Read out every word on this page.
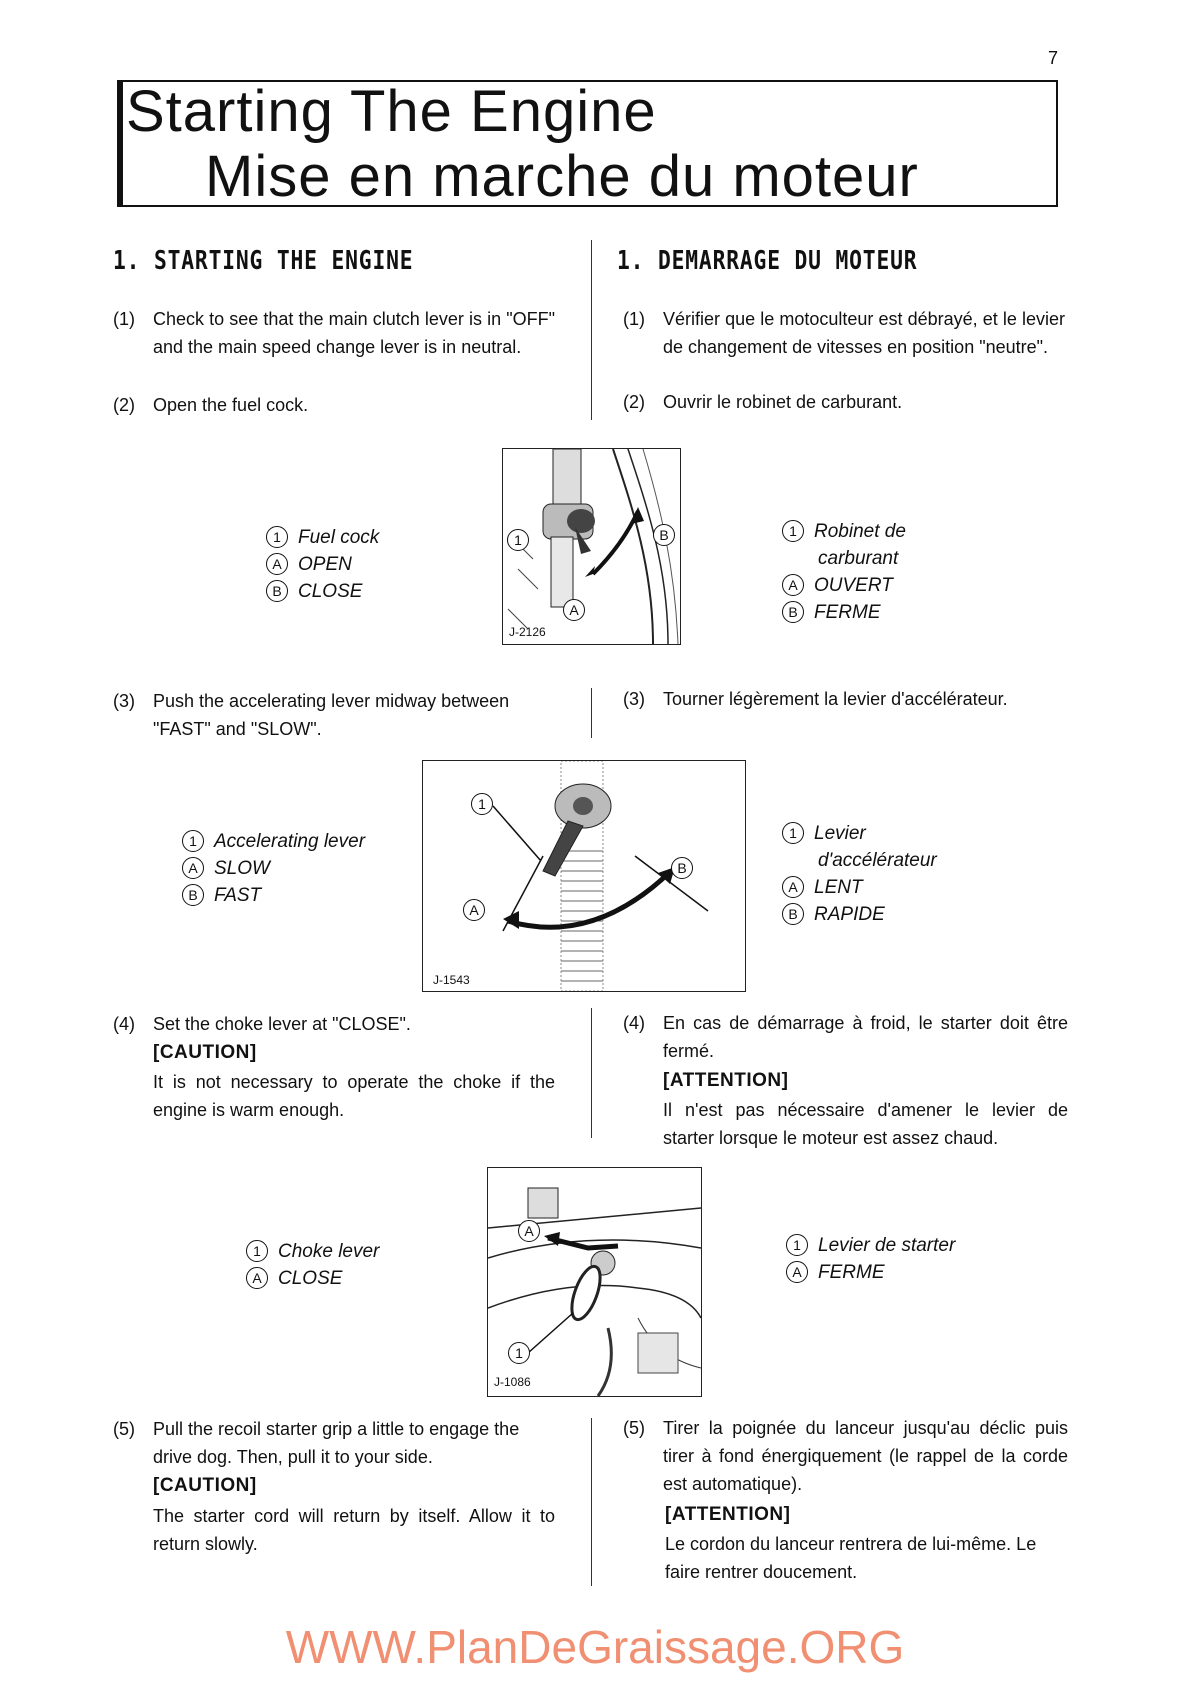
7
Starting The Engine
Mise en marche du moteur
1. STARTING THE ENGINE	1. DEMARRAGE DU MOTEUR
(1) Check to see that the main clutch lever is in "OFF" and the main speed change lever is in neutral.
(2) Open the fuel cock.
(1) Vérifier que le motoculteur est débrayé, et le levier de changement de vitesses en position "neutre".
(2) Ouvrir le robinet de carburant.
1 Fuel cock
A OPEN
B CLOSE
J-2126
1	B
A
1 Robinet de
carburant
A OUVERT
B FERME
(3) Push the accelerating lever midway between "FAST" and "SLOW".
(3) Tourner légèrement la levier d'accélérateur.
1 Accelerating lever
A SLOW
B FAST
J-1543
1
B
A
1 Levier
d'accélérateur
A LENT
B RAPIDE
(4) Set the choke lever at "CLOSE".
[CAUTION]
It is not necessary to operate the choke if the engine is warm enough.
(4) En cas de démarrage à froid, le starter doit être fermé.
[ATTENTION]
Il n'est pas nécessaire d'amener le levier de starter lorsque le moteur est assez chaud.
1 Choke lever
A CLOSE
J-1086
A
1
1 Levier de starter
A FERME
(5) Pull the recoil starter grip a little to engage the drive dog. Then, pull it to your side.
[CAUTION]
The starter cord will return by itself. Allow it to return slowly.
(5) Tirer la poignée du lanceur jusqu'au déclic puis tirer à fond énergiquement (le rappel de la corde est automatique).
[ATTENTION]
Le cordon du lanceur rentrera de lui-même. Le faire rentrer doucement.
WWW.PlanDeGraissage.ORG
